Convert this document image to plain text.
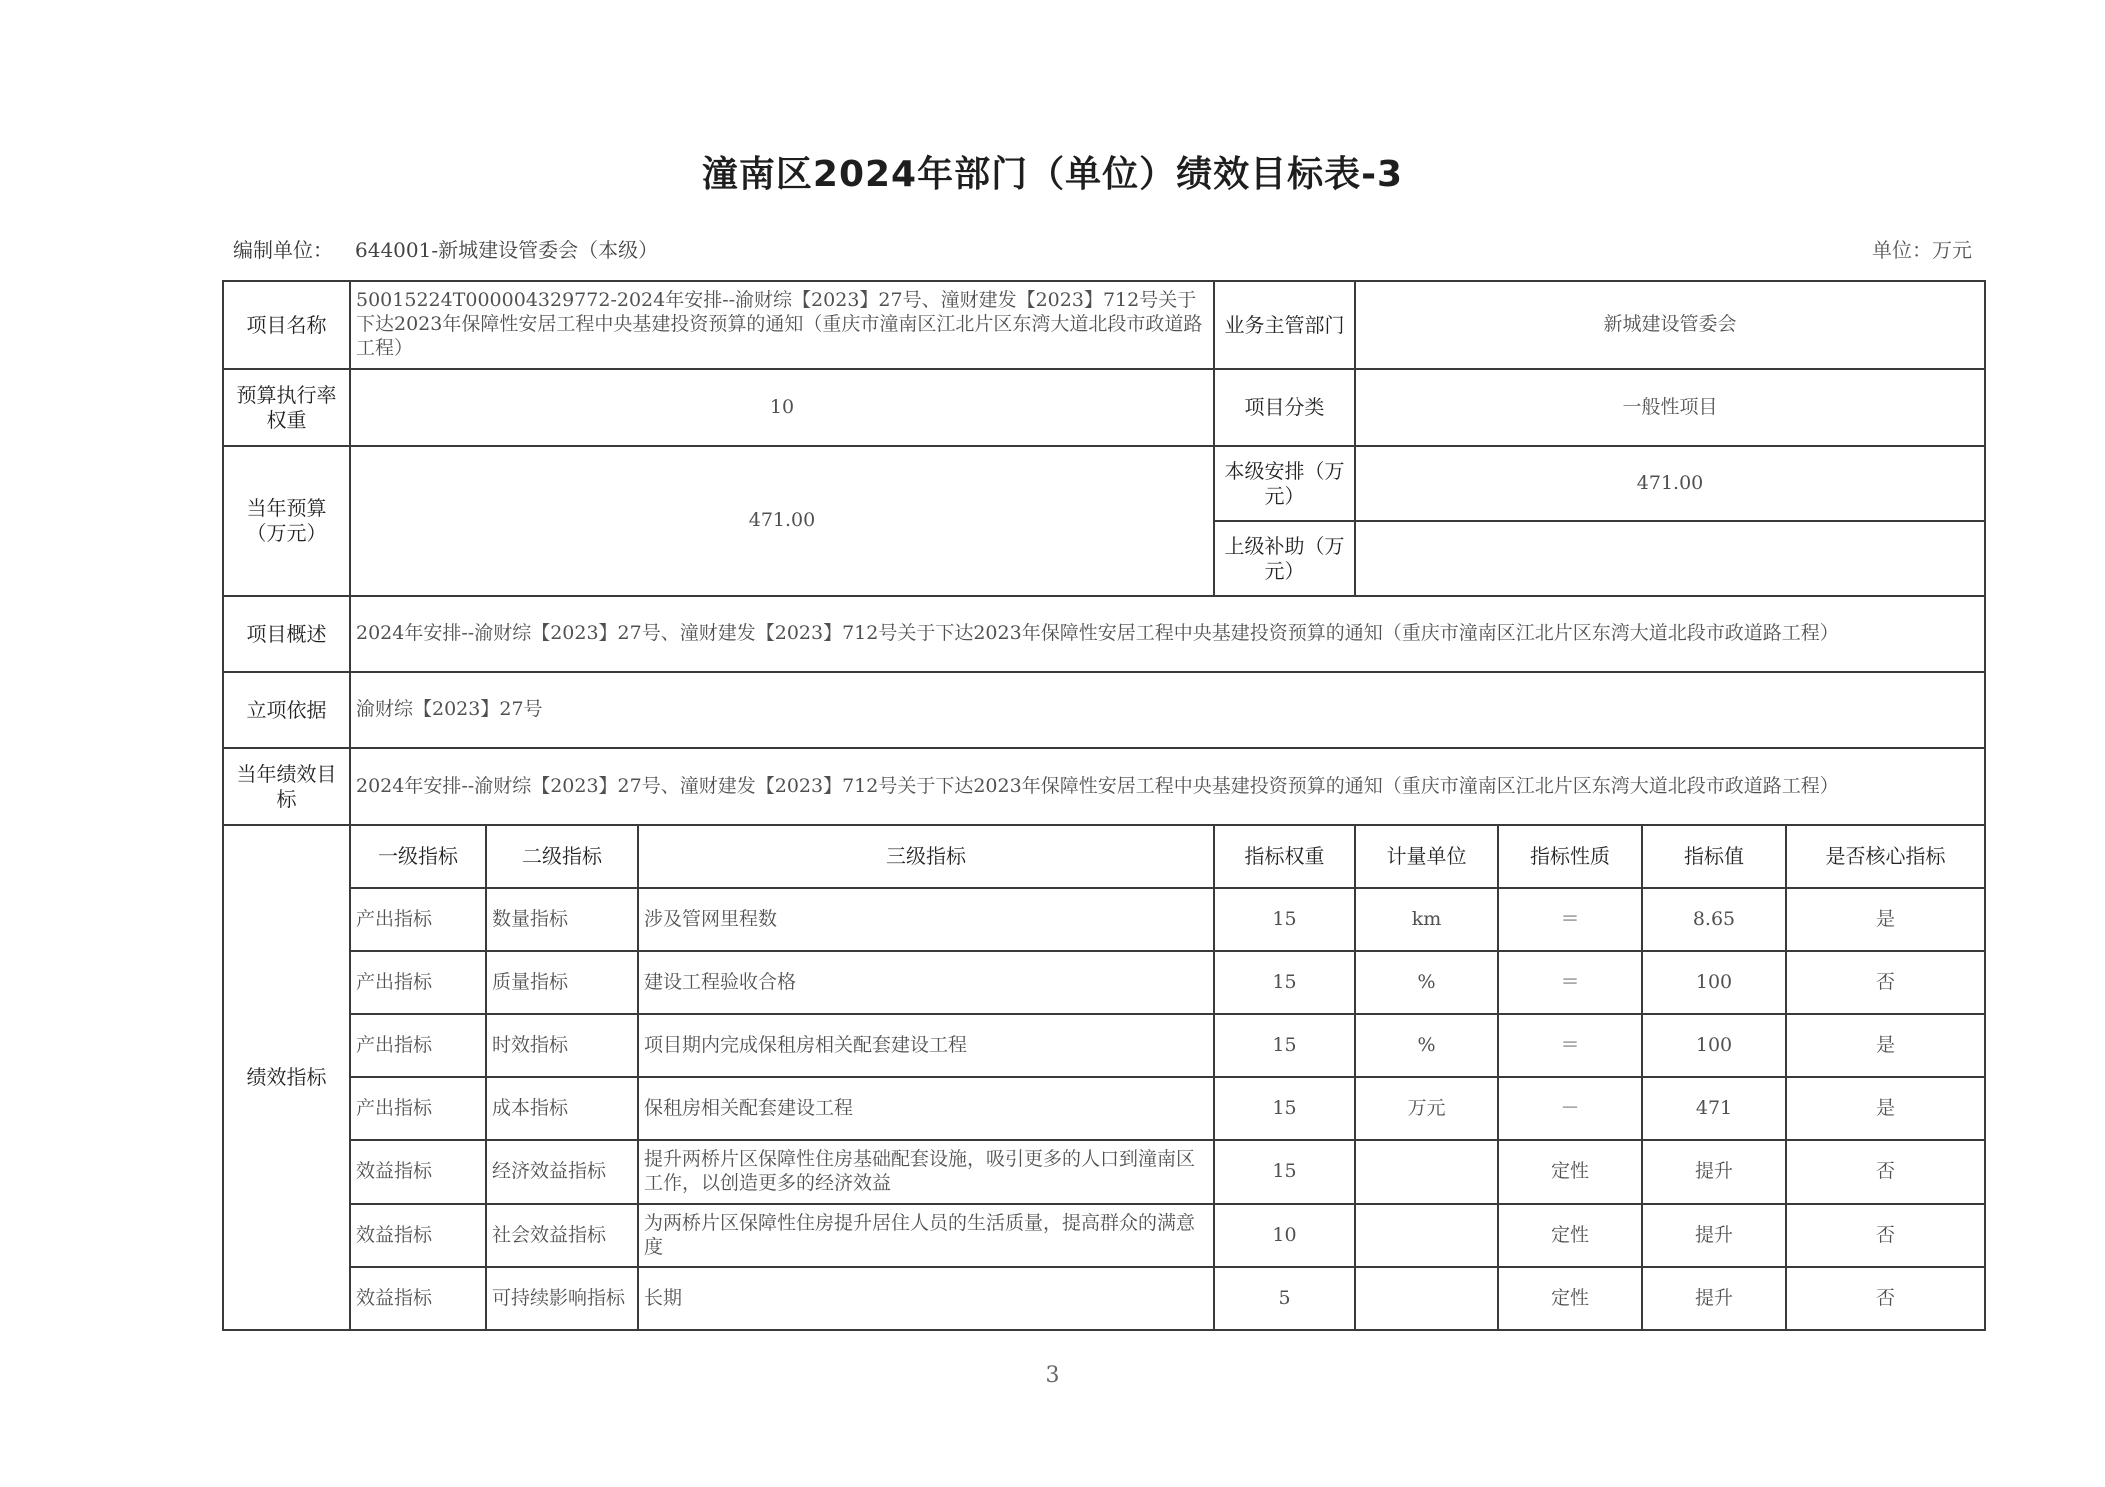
潼南区2024年部门（单位）绩效目标表-3
编制单位： 644001-新城建设管委会（本级）	单位：万元
项目名称	50015224T000004329772-2024年安排--渝财综【2023】27号、潼财建发【2023】712号关于下达2023年保障性安居工程中央基建投资预算的通知（重庆市潼南区江北片区东湾大道北段市政道路工程）			业务主管部门	新城建设管委会			
预算执行率权重	10			项目分类	一般性项目			
当年预算（万元）	471.00			本级安排（万元）	471.00			
				上级补助（万元）				
项目概述	2024年安排--渝财综【2023】27号、潼财建发【2023】712号关于下达2023年保障性安居工程中央基建投资预算的通知（重庆市潼南区江北片区东湾大道北段市政道路工程）							
立项依据	渝财综【2023】27号							
当年绩效目标	2024年安排--渝财综【2023】27号、潼财建发【2023】712号关于下达2023年保障性安居工程中央基建投资预算的通知（重庆市潼南区江北片区东湾大道北段市政道路工程）							
绩效指标	一级指标	二级指标	三级指标	指标权重	计量单位	指标性质	指标值	是否核心指标
	产出指标	数量指标	涉及管网里程数	15	km	＝	8.65	是
	产出指标	质量指标	建设工程验收合格	15	%	＝	100	否
	产出指标	时效指标	项目期内完成保租房相关配套建设工程	15	%	＝	100	是
	产出指标	成本指标	保租房相关配套建设工程	15	万元	－	471	是
	效益指标	经济效益指标	提升两桥片区保障性住房基础配套设施，吸引更多的人口到潼南区工作，以创造更多的经济效益	15		定性	提升	否
	效益指标	社会效益指标	为两桥片区保障性住房提升居住人员的生活质量，提高群众的满意度	10		定性	提升	否
	效益指标	可持续影响指标	长期	5		定性	提升	否
3
